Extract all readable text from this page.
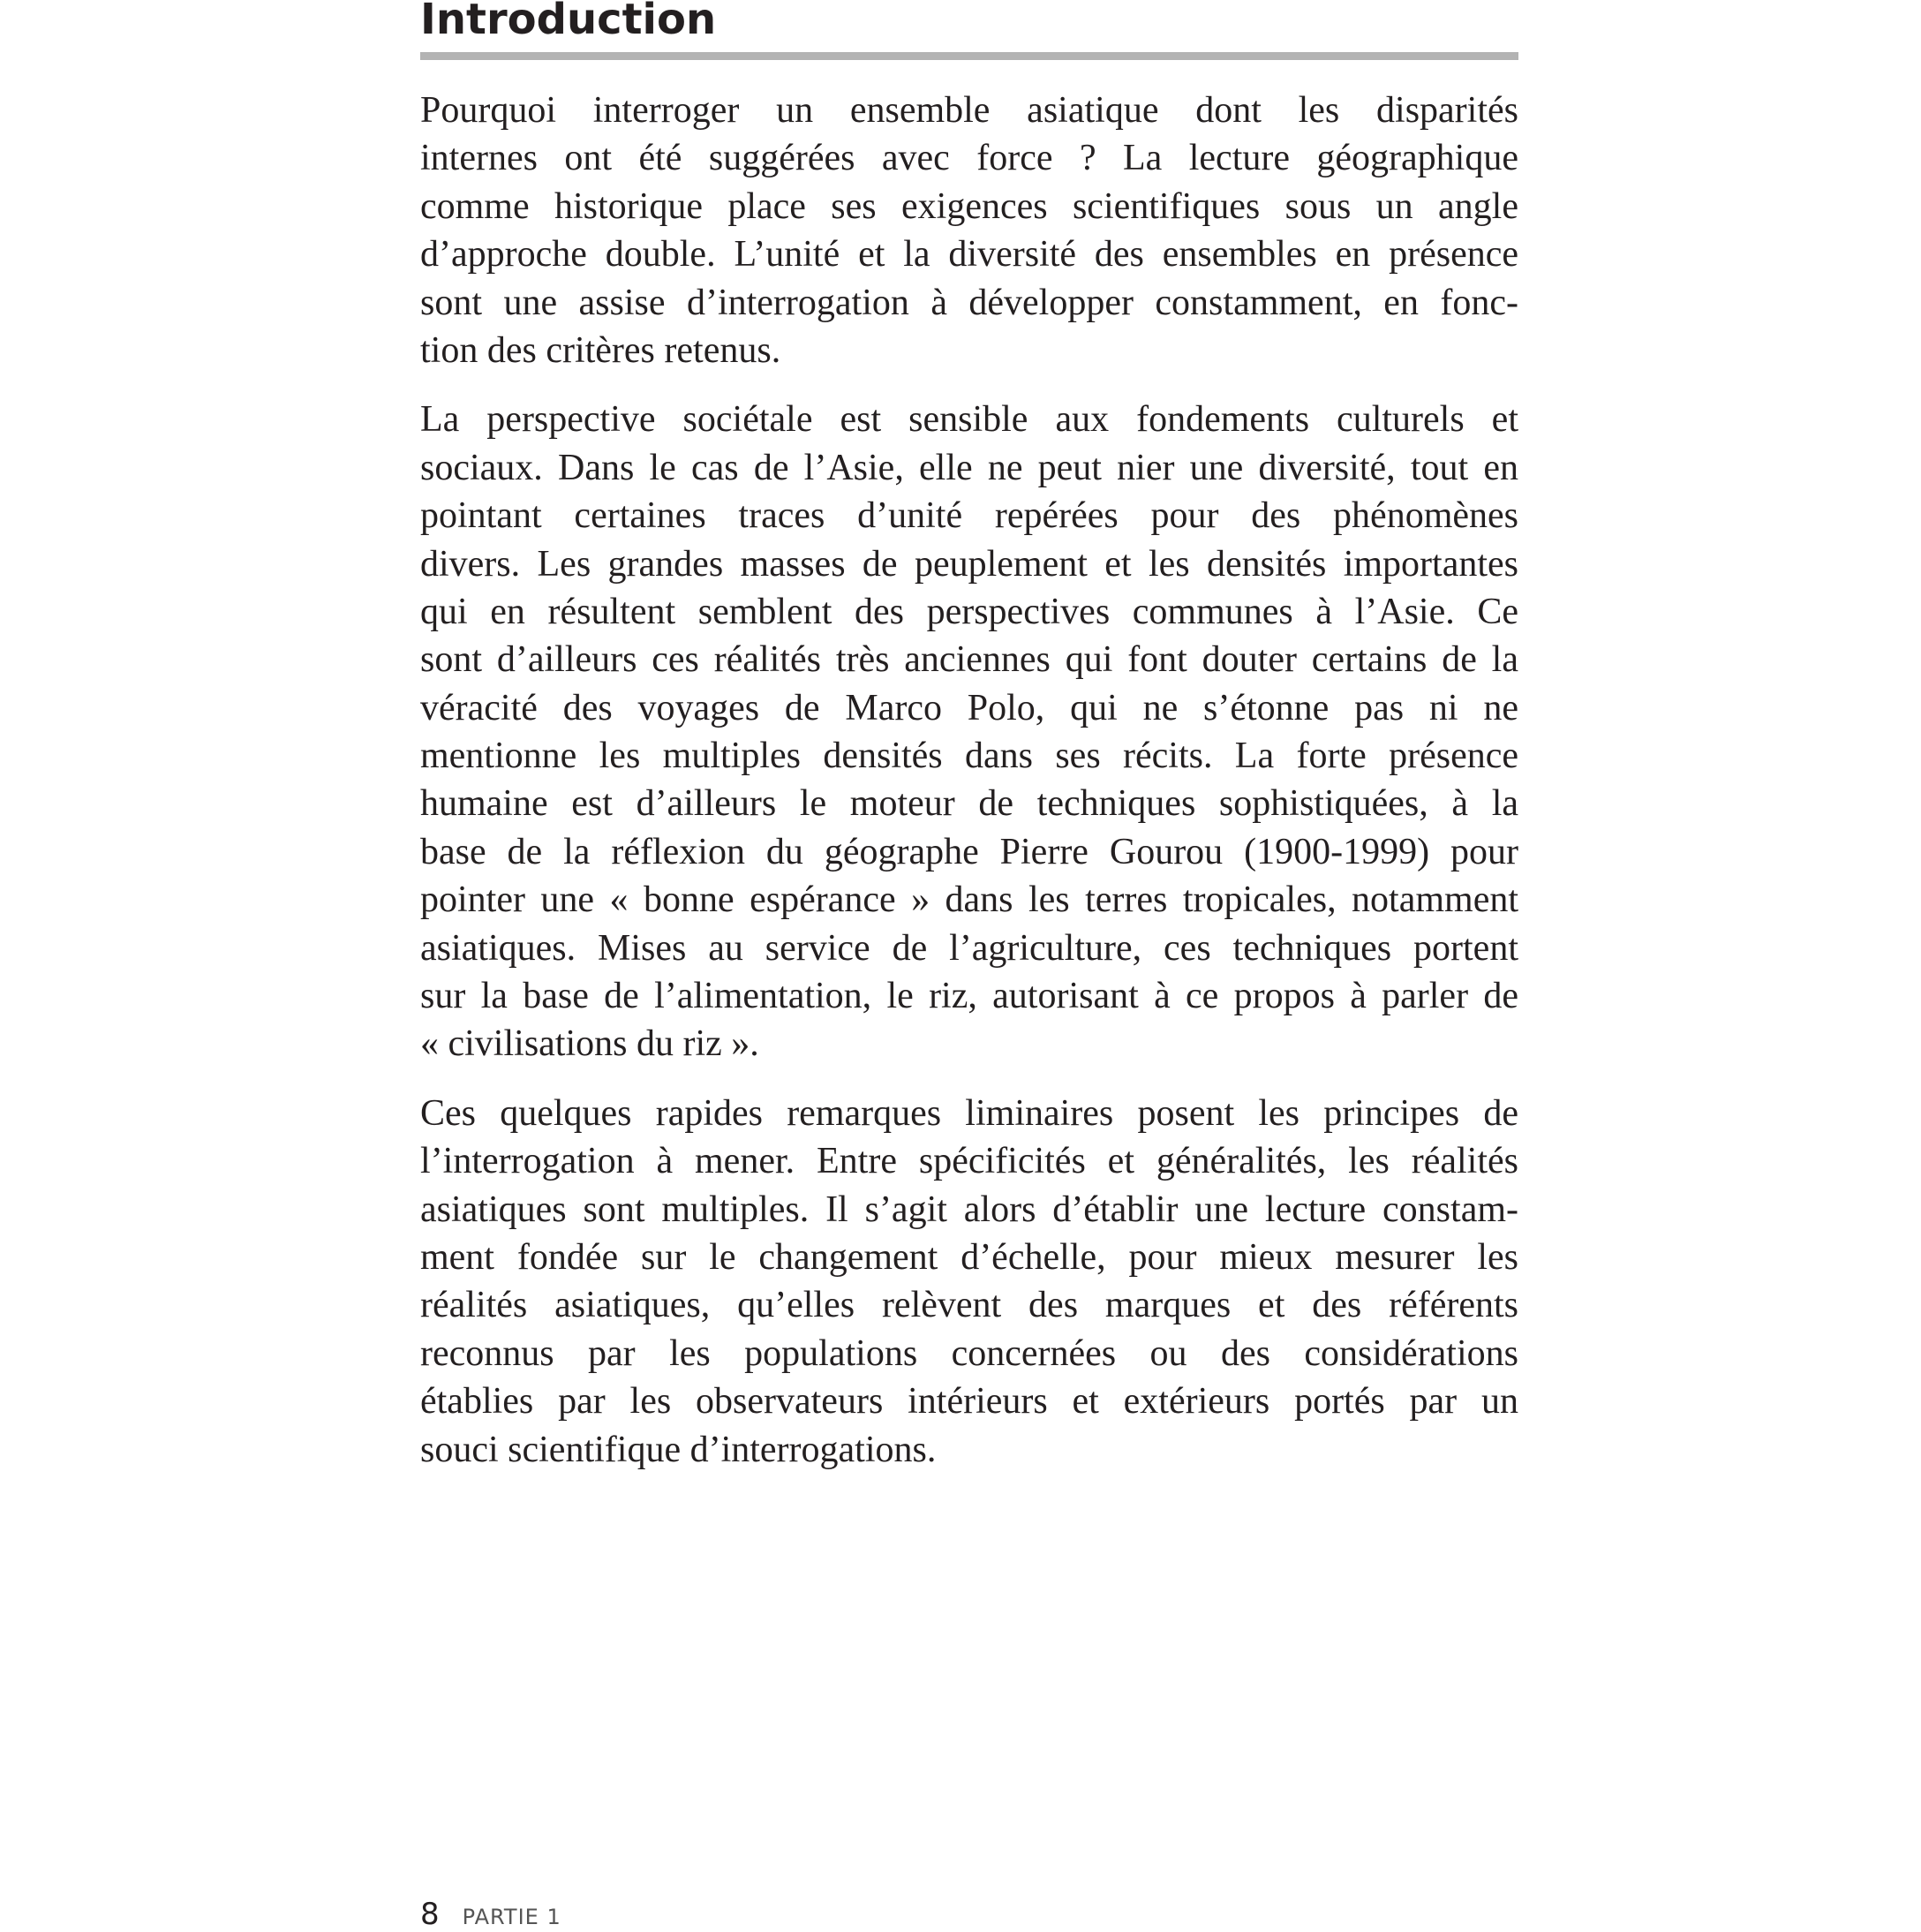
Introduction

Pourquoi interroger un ensemble asiatique dont les disparités
internes ont été suggérées avec force ? La lecture géographique
comme historique place ses exigences scientifiques sous un angle
d’approche double. L’unité et la diversité des ensembles en présence
sont une assise d’interrogation à développer constamment, en fonc-
tion des critères retenus.

La perspective sociétale est sensible aux fondements culturels et
sociaux. Dans le cas de l’Asie, elle ne peut nier une diversité, tout en
pointant certaines traces d’unité repérées pour des phénomènes
divers. Les grandes masses de peuplement et les densités importantes
qui en résultent semblent des perspectives communes à l’Asie. Ce
sont d’ailleurs ces réalités très anciennes qui font douter certains de la
véracité des voyages de Marco Polo, qui ne s’étonne pas ni ne
mentionne les multiples densités dans ses récits. La forte présence
humaine est d’ailleurs le moteur de techniques sophistiquées, à la
base de la réflexion du géographe Pierre Gourou (1900-1999) pour
pointer une « bonne espérance » dans les terres tropicales, notamment
asiatiques. Mises au service de l’agriculture, ces techniques portent
sur la base de l’alimentation, le riz, autorisant à ce propos à parler de
« civilisations du riz ».

Ces quelques rapides remarques liminaires posent les principes de
l’interrogation à mener. Entre spécificités et généralités, les réalités
asiatiques sont multiples. Il s’agit alors d’établir une lecture constam-
ment fondée sur le changement d’échelle, pour mieux mesurer les
réalités asiatiques, qu’elles relèvent des marques et des référents
reconnus par les populations concernées ou des considérations
établies par les observateurs intérieurs et extérieurs portés par un
souci scientifique d’interrogations.

8 PARTIE 1
